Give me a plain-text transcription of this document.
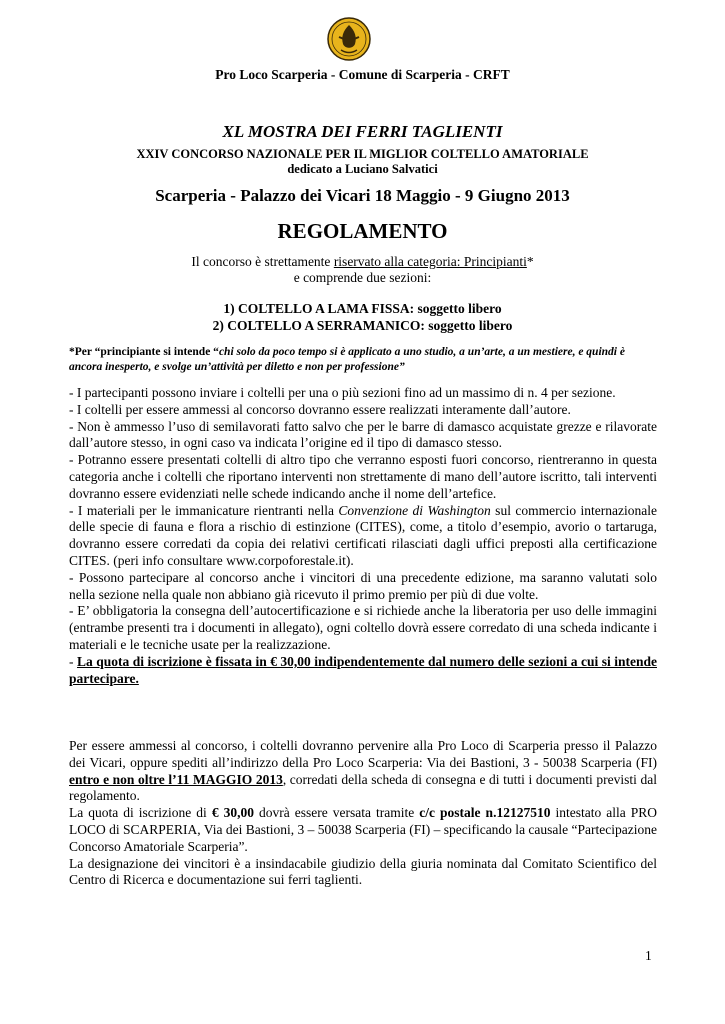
Pro Loco Scarperia - Comune di Scarperia - CRFT
XL MOSTRA DEI FERRI TAGLIENTI
XXIV CONCORSO NAZIONALE PER IL MIGLIOR COLTELLO AMATORIALE
dedicato a Luciano Salvatici
Scarperia - Palazzo dei Vicari 18 Maggio - 9 Giugno 2013
REGOLAMENTO
Il concorso è strettamente riservato alla categoria: Principianti*
e comprende due sezioni:
1) COLTELLO A LAMA FISSA: soggetto libero
2) COLTELLO A SERRAMANICO: soggetto libero
*Per “principiante si intende “chi solo da poco tempo si è applicato a uno studio, a un’arte, a un mestiere, e quindi è ancora inesperto, e svolge un’attività per diletto e non per professione”

- I partecipanti possono inviare i coltelli per una o più sezioni fino ad un massimo di n. 4 per sezione.

- I coltelli per essere ammessi al concorso dovranno essere realizzati interamente dall’autore.

- Non è ammesso l’uso di semilavorati fatto salvo che per le barre di damasco acquistate grezze e rilavorate dall’autore stesso, in ogni caso va indicata l’origine ed il tipo di damasco stesso.

- Potranno essere presentati coltelli di altro tipo che verranno esposti fuori concorso, rientreranno in questa categoria anche i coltelli che riportano interventi non strettamente di mano dell’autore iscritto, tali interventi dovranno essere evidenziati nelle schede indicando anche il nome dell’artefice.

- I materiali per le immanicature rientranti nella Convenzione di Washington sul commercio internazionale delle specie di fauna e flora a rischio di estinzione (CITES), come, a titolo d’esempio, avorio o tartaruga, dovranno essere corredati da copia dei relativi certificati rilasciati dagli uffici preposti alla certificazione CITES. (peri info consultare www.corpoforestale.it).

- Possono partecipare al concorso anche i vincitori di una precedente edizione, ma saranno valutati solo nella sezione nella quale non abbiano già ricevuto il primo premio per più di due volte.

- E’ obbligatoria la consegna dell’autocertificazione e si richiede anche la liberatoria per uso delle immagini (entrambe presenti tra i documenti in allegato), ogni coltello dovrà essere corredato di una scheda indicante i materiali e le tecniche usate per la realizzazione.

- La quota di iscrizione è fissata in € 30,00 indipendentemente dal numero delle sezioni a cui si intende partecipare.

Per essere ammessi al concorso, i coltelli dovranno pervenire alla Pro Loco di Scarperia presso il Palazzo dei Vicari, oppure spediti all’indirizzo della Pro Loco Scarperia: Via dei Bastioni, 3 - 50038 Scarperia (FI) entro e non oltre l’11 MAGGIO 2013, corredati della scheda di consegna e di tutti i documenti previsti dal regolamento.

La quota di iscrizione di € 30,00 dovrà essere versata tramite c/c postale n.12127510 intestato alla PRO LOCO di SCARPERIA, Via dei Bastioni, 3 – 50038 Scarperia (FI) – specificando la causale “Partecipazione Concorso Amatoriale Scarperia”.

La designazione dei vincitori è a insindacabile giudizio della giuria nominata dal Comitato Scientifico del Centro di Ricerca e documentazione sui ferri taglienti.

1
